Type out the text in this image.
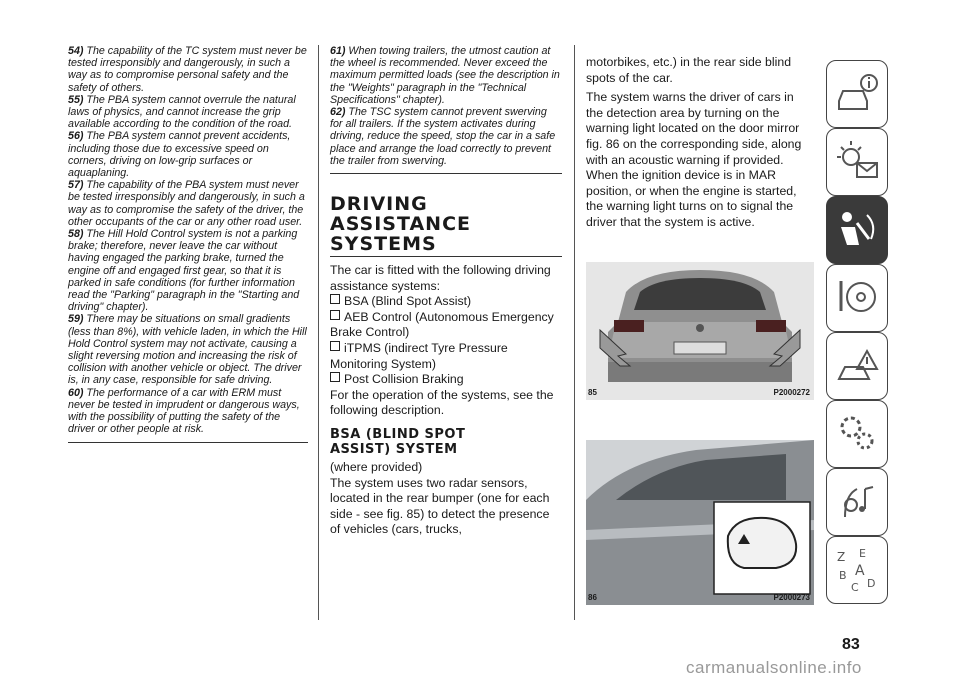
54) The capability of the TC system must never be tested irresponsibly and dangerously, in such a way as to compromise personal safety and the safety of others.

55) The PBA system cannot overrule the natural laws of physics, and cannot increase the grip available according to the condition of the road.

56) The PBA system cannot prevent accidents, including those due to excessive speed on corners, driving on low-grip surfaces or aquaplaning.

57) The capability of the PBA system must never be tested irresponsibly and dangerously, in such a way as to compromise the safety of the driver, the other occupants of the car or any other road user.

58) The Hill Hold Control system is not a parking brake; therefore, never leave the car without having engaged the parking brake, turned the engine off and engaged first gear, so that it is parked in safe conditions (for further information read the "Parking" paragraph in the "Starting and driving" chapter).

59) There may be situations on small gradients (less than 8%), with vehicle laden, in which the Hill Hold Control system may not activate, causing a slight reversing motion and increasing the risk of collision with another vehicle or object. The driver is, in any case, responsible for safe driving.

60) The performance of a car with ERM must never be tested in imprudent or dangerous ways, with the possibility of putting the safety of the driver or other people at risk.

61) When towing trailers, the utmost caution at the wheel is recommended. Never exceed the maximum permitted loads (see the description in the "Weights" paragraph in the "Technical Specifications" chapter).

62) The TSC system cannot prevent swerving for all trailers. If the system activates during driving, reduce the speed, stop the car in a safe place and arrange the load correctly to prevent the trailer from swerving.

DRIVING

ASSISTANCE

SYSTEMS

The car is fitted with the following driving assistance systems:

BSA (Blind Spot Assist)

AEB Control (Autonomous Emergency Brake Control)

iTPMS (indirect Tyre Pressure Monitoring System)

Post Collision Braking

For the operation of the systems, see the following description.

BSA (BLIND SPOT

ASSIST) SYSTEM

(where provided)

The system uses two radar sensors, located in the rear bumper (one for each side - see fig. 85) to detect the presence of vehicles (cars, trucks,

motorbikes, etc.) in the rear side blind spots of the car.

The system warns the driver of cars in the detection area by turning on the warning light located on the door mirror fig. 86 on the corresponding side, along with an acoustic warning if provided. When the ignition device is in MAR position, or when the engine is started, the warning light turns on to signal the driver that the system is active.

85	P2000272
86	P2000273
Z E
B A
C D
83
carmanualsonline.info
